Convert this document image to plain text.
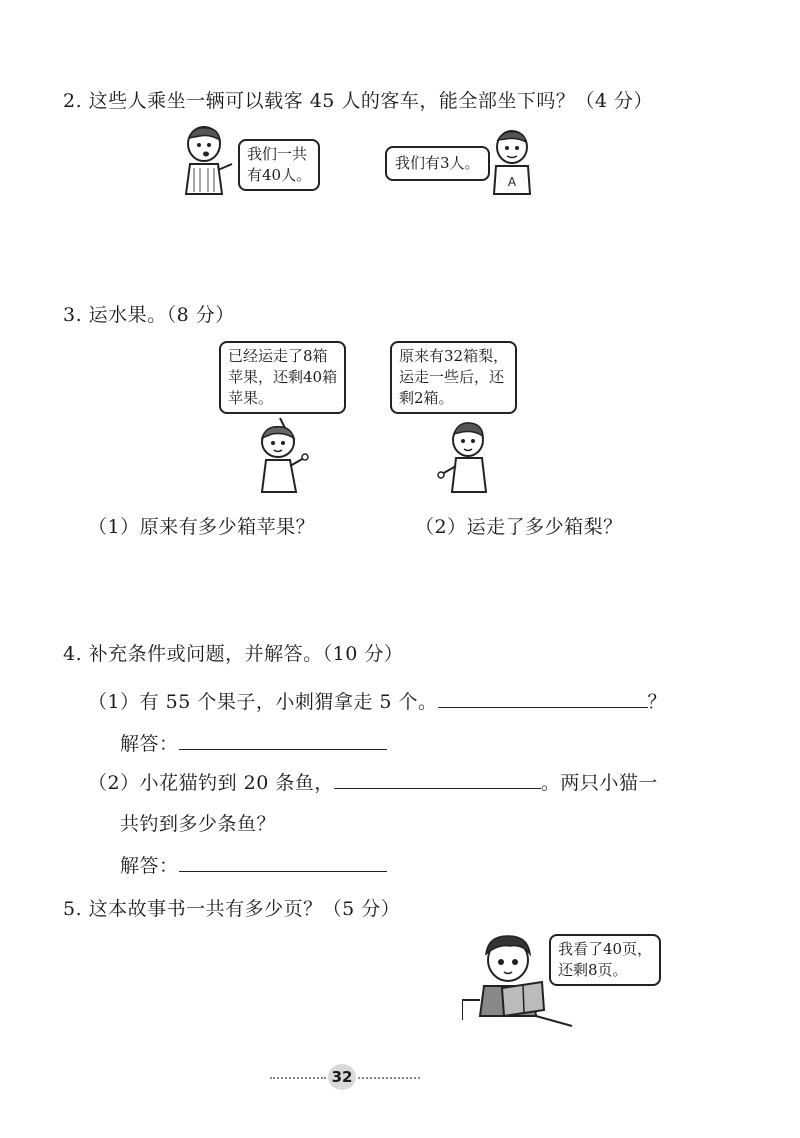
2. 这些人乘坐一辆可以载客 45 人的客车，能全部坐下吗？（4 分）
我们一共
有40人。
我们有3人。
A
3. 运水果。（8 分）
已经运走了8箱
苹果，还剩40箱
苹果。
原来有32箱梨，
运走一些后，还
剩2箱。
（1）原来有多少箱苹果？	（2）运走了多少箱梨？
4. 补充条件或问题，并解答。（10 分）
（1）有 55 个果子，小刺猬拿走 5 个。	？
解答：
（2）小花猫钓到 20 条鱼，	。两只小猫一
共钓到多少条鱼？
解答：
5. 这本故事书一共有多少页？（5 分）
我看了40页，
还剩8页。
32
